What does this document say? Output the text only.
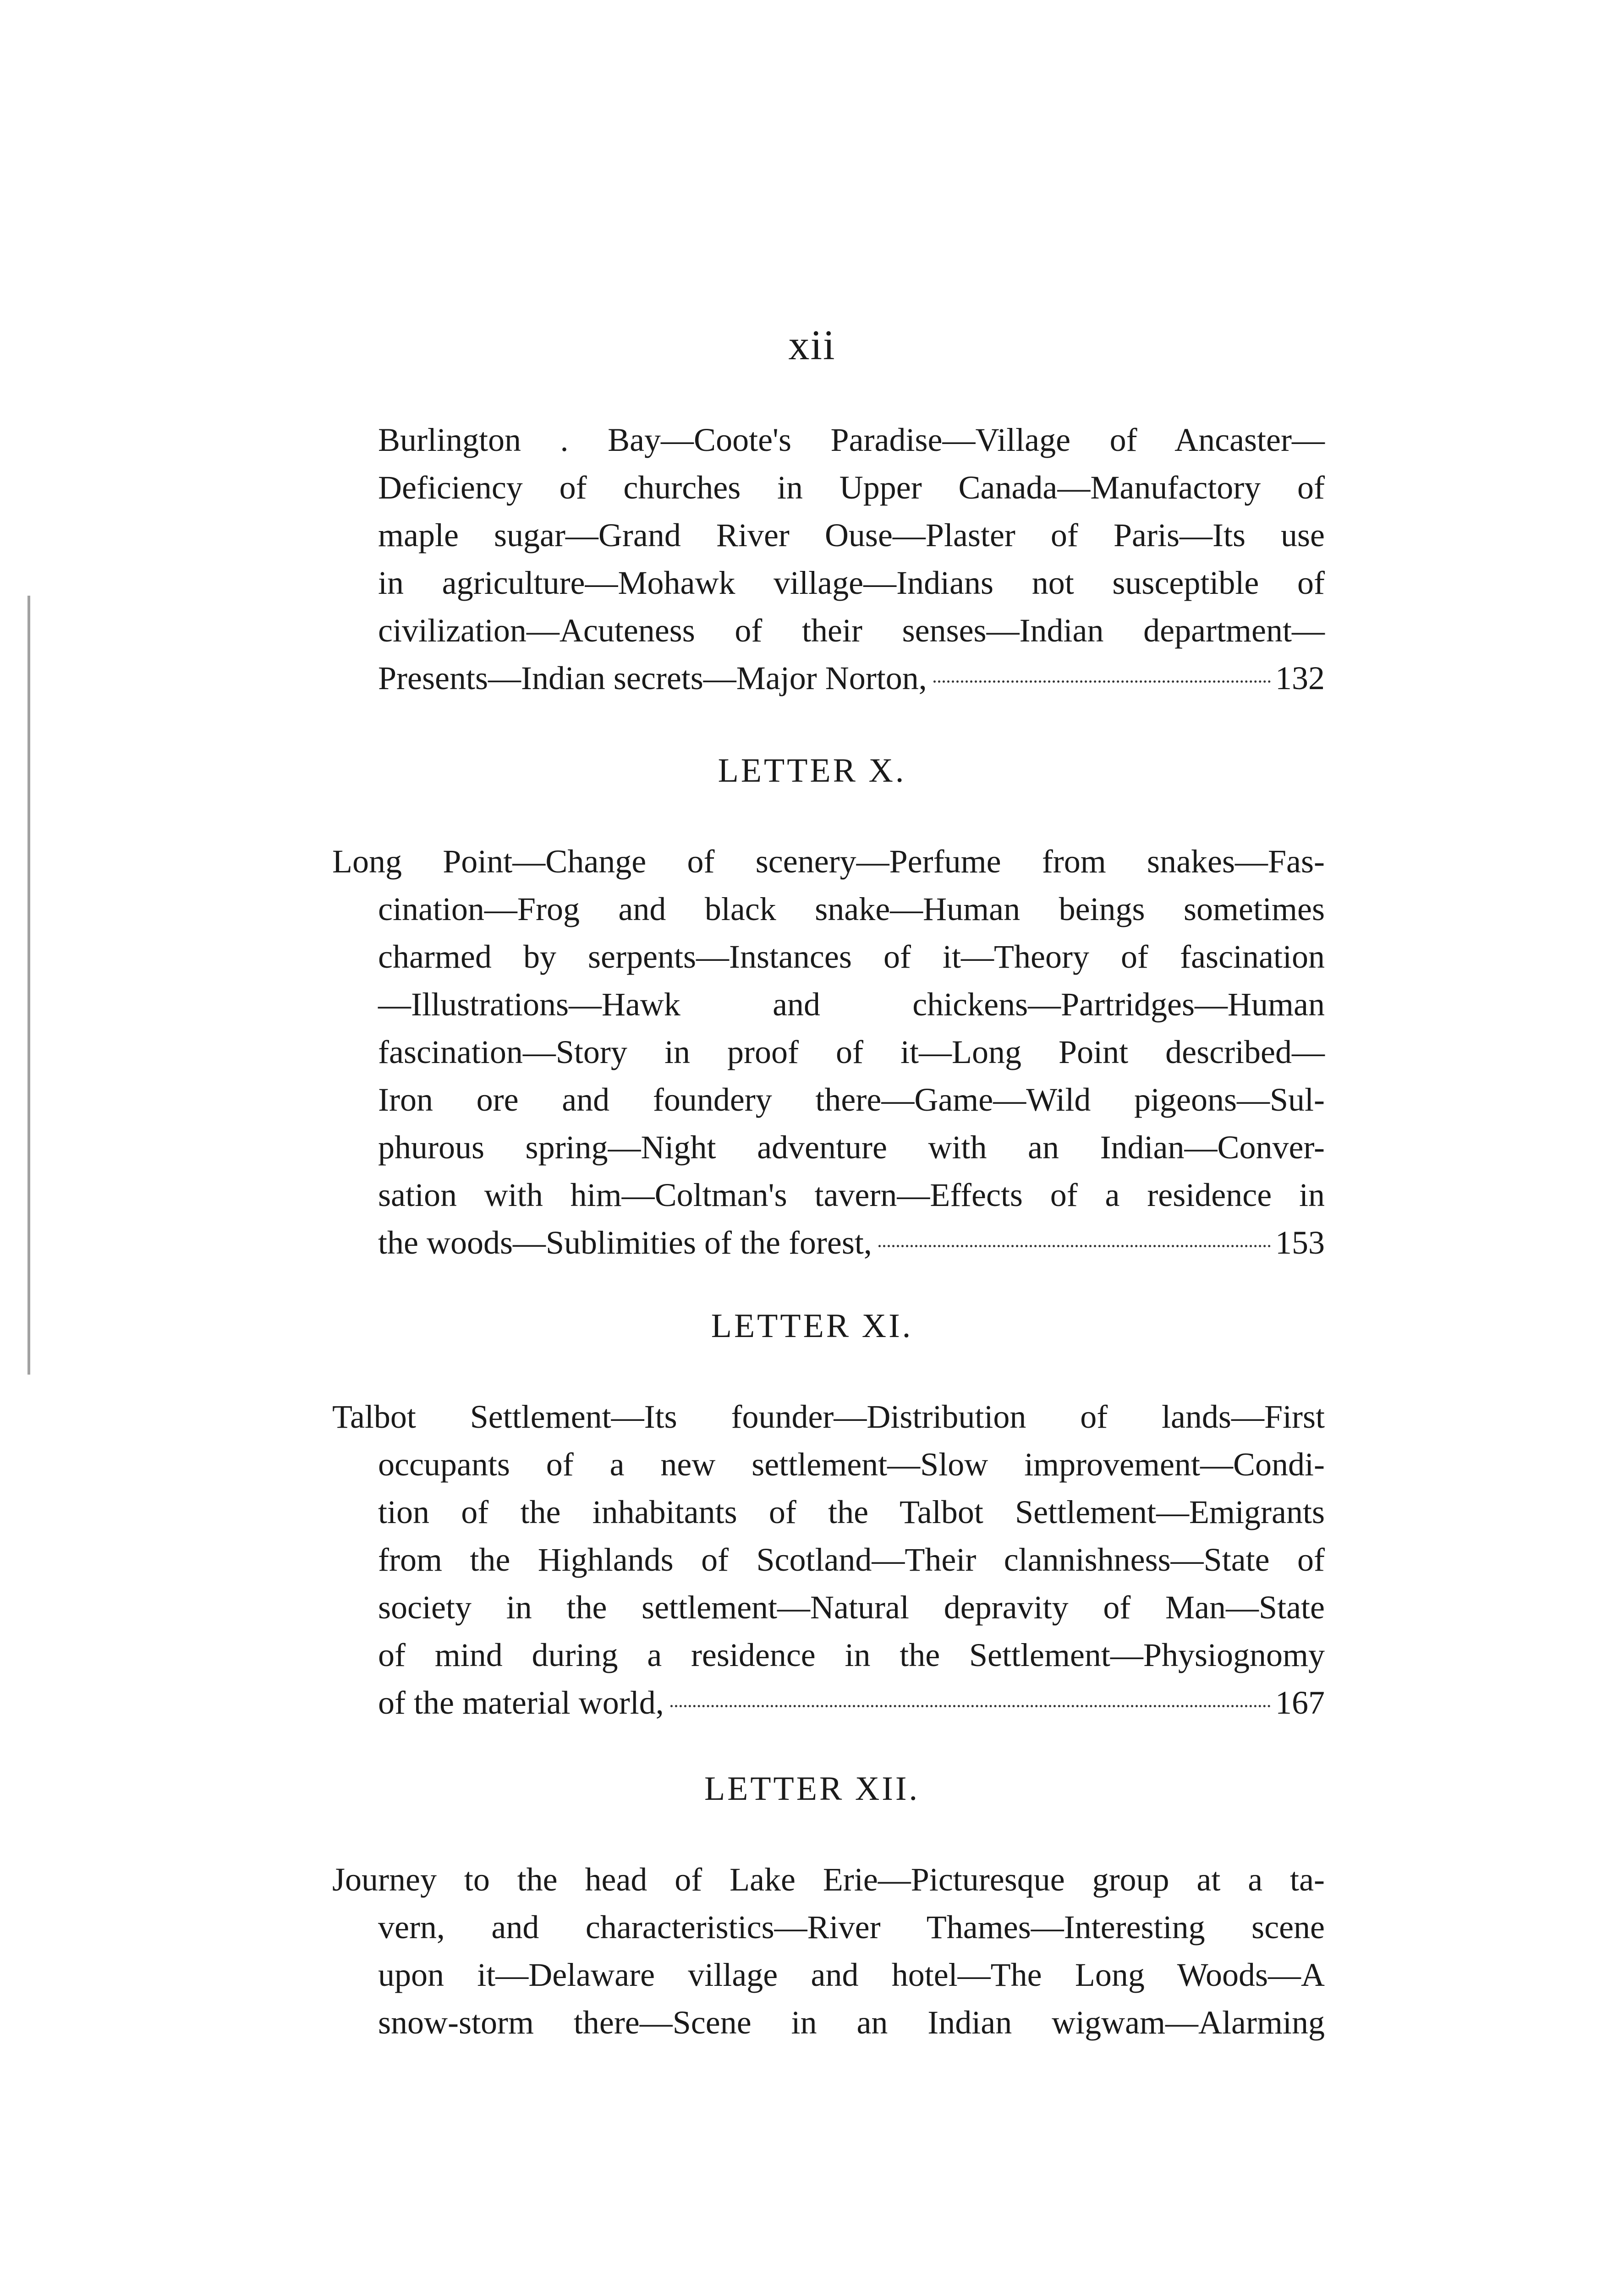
xii
Burlington . Bay—Coote's Paradise—Village of Ancaster—
Deficiency of churches in Upper Canada—Manufactory of
maple sugar—Grand River Ouse—Plaster of Paris—Its use
in agriculture—Mohawk village—Indians not susceptible of
civilization—Acuteness of their senses—Indian department—
Presents—Indian secrets—Major Norton,	132
LETTER X.
Long Point—Change of scenery—Perfume from snakes—Fas-
cination—Frog and black snake—Human beings sometimes
charmed by serpents—Instances of it—Theory of fascination
—Illustrations—Hawk and chickens—Partridges—Human
fascination—Story in proof of it—Long Point described—
Iron ore and foundery there—Game—Wild pigeons—Sul-
phurous spring—Night adventure with an Indian—Conver-
sation with him—Coltman's tavern—Effects of a residence in
the woods—Sublimities of the forest,	153
LETTER XI.
Talbot Settlement—Its founder—Distribution of lands—First
occupants of a new settlement—Slow improvement—Condi-
tion of the inhabitants of the Talbot Settlement—Emigrants
from the Highlands of Scotland—Their clannishness—State of
society in the settlement—Natural depravity of Man—State
of mind during a residence in the Settlement—Physiognomy
of the material world,	167
LETTER XII.
Journey to the head of Lake Erie—Picturesque group at a ta-
vern, and characteristics—River Thames—Interesting scene
upon it—Delaware village and hotel—The Long Woods—A
snow-storm there—Scene in an Indian wigwam—Alarming
